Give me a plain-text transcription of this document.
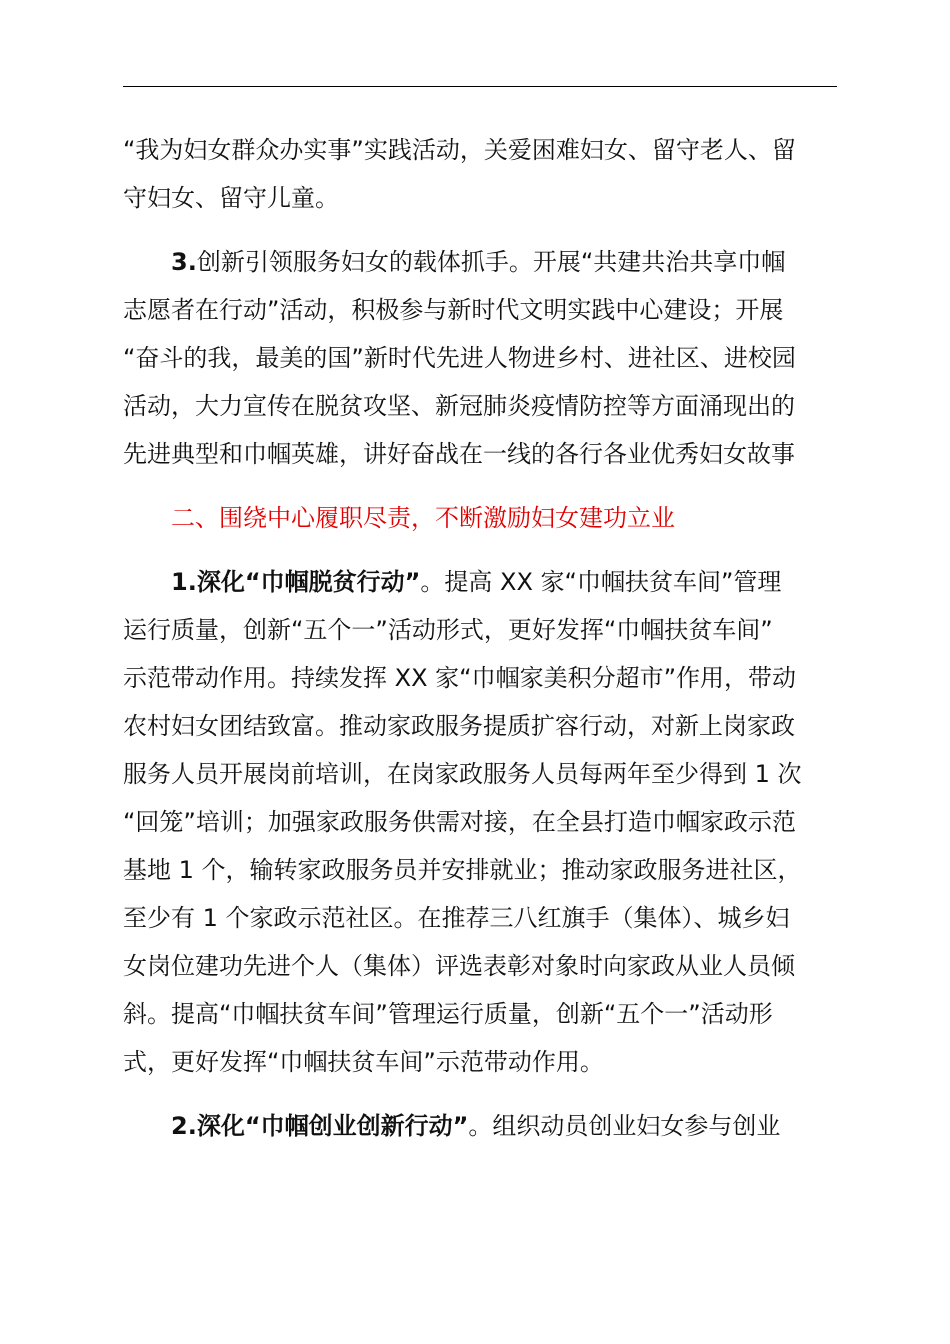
“我为妇女群众办实事”实践活动，关爱困难妇女、留守老人、留
守妇女、留守儿童。

3.创新引领服务妇女的载体抓手。开展“共建共治共享巾帼
志愿者在行动”活动，积极参与新时代文明实践中心建设；开展
“奋斗的我，最美的国”新时代先进人物进乡村、进社区、进校园
活动，大力宣传在脱贫攻坚、新冠肺炎疫情防控等方面涌现出的
先进典型和巾帼英雄，讲好奋战在一线的各行各业优秀妇女故事

二、围绕中心履职尽责，不断激励妇女建功立业

1.深化“巾帼脱贫行动”。提高 XX 家“巾帼扶贫车间”管理
运行质量，创新“五个一”活动形式，更好发挥“巾帼扶贫车间”
示范带动作用。持续发挥 XX 家“巾帼家美积分超市”作用，带动
农村妇女团结致富。推动家政服务提质扩容行动，对新上岗家政
服务人员开展岗前培训，在岗家政服务人员每两年至少得到 1 次
“回笼”培训；加强家政服务供需对接，在全县打造巾帼家政示范
基地 1 个，输转家政服务员并安排就业；推动家政服务进社区，
至少有 1 个家政示范社区。在推荐三八红旗手（集体）、城乡妇
女岗位建功先进个人（集体）评选表彰对象时向家政从业人员倾
斜。提高“巾帼扶贫车间”管理运行质量，创新“五个一”活动形
式，更好发挥“巾帼扶贫车间”示范带动作用。

2.深化“巾帼创业创新行动”。组织动员创业妇女参与创业
